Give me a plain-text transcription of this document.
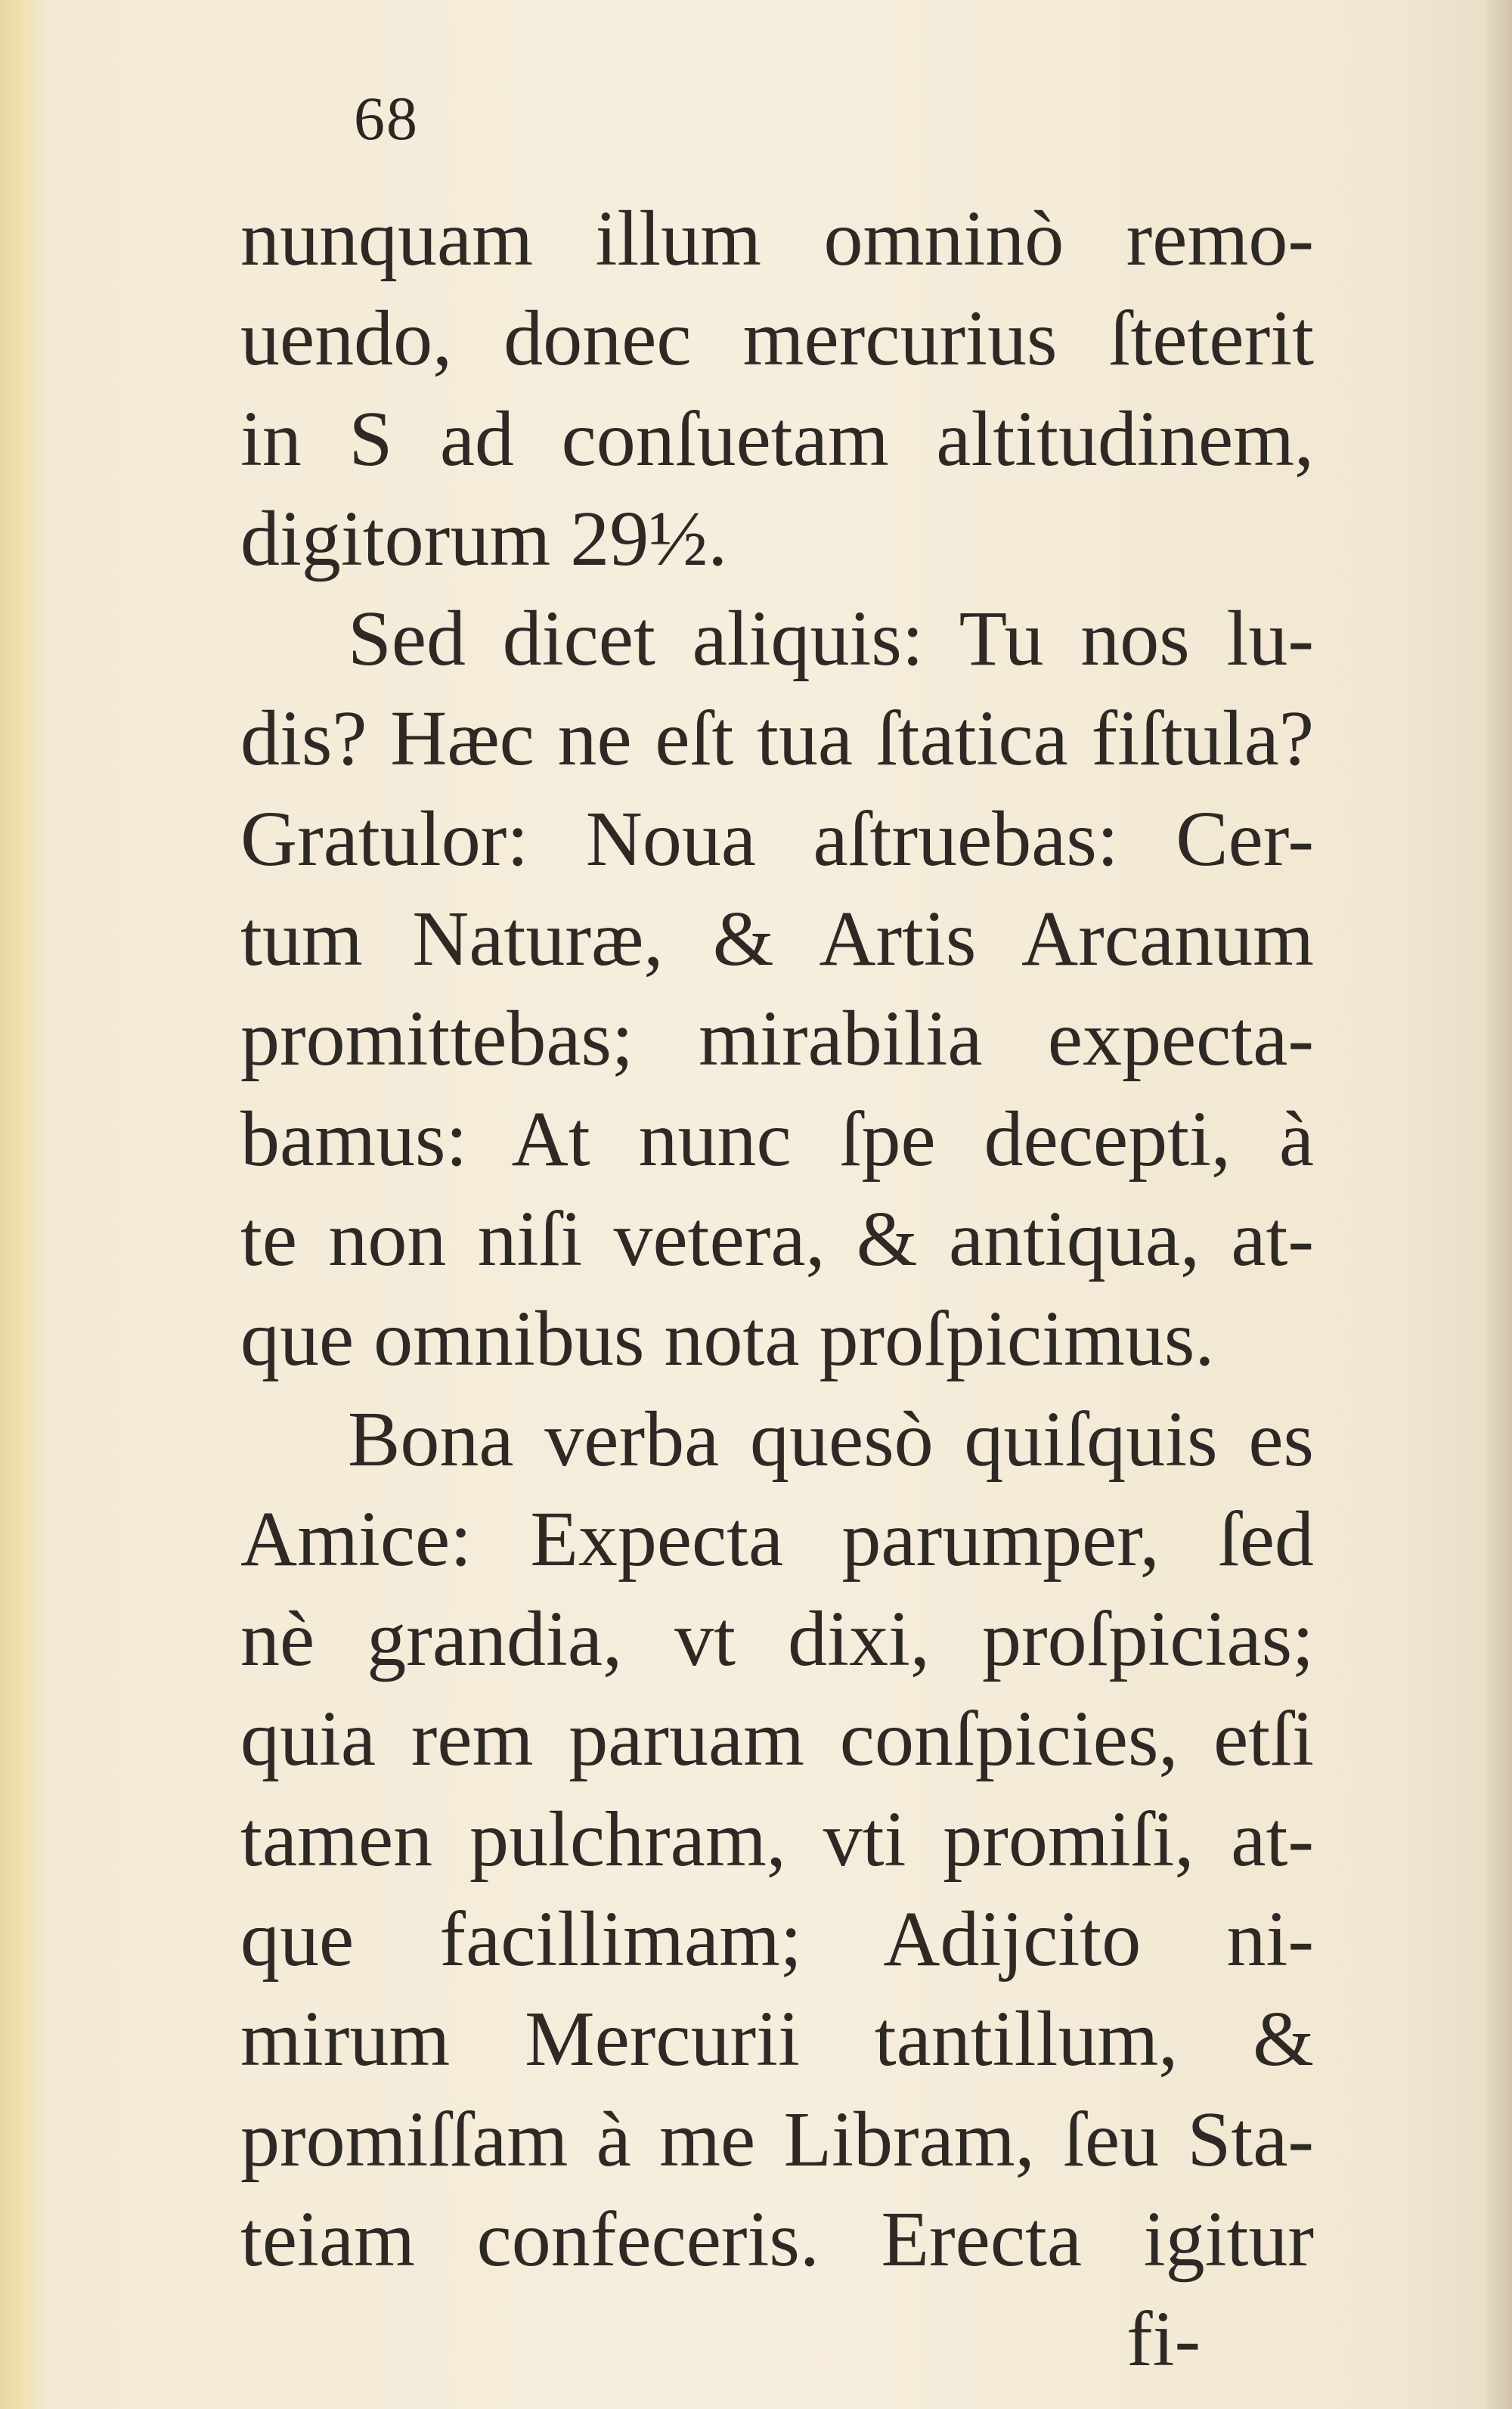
68
nunquam illum omninò remo-
uendo, donec mercurius ſteterit
in S ad conſuetam altitudinem,
digitorum 29½.
Sed dicet aliquis: Tu nos lu-
dis? Hæc ne eſt tua ſtatica fiſtula?
Gratulor: Noua aſtruebas: Cer-
tum Naturæ, & Artis Arcanum
promittebas; mirabilia expecta-
bamus: At nunc ſpe decepti, à
te non niſi vetera, & antiqua, at-
que omnibus nota proſpicimus.
Bona verba quesò quiſquis es
Amice: Expecta parumper, ſed
nè grandia, vt dixi, proſpicias;
quia rem paruam conſpicies, etſi
tamen pulchram, vti promiſi, at-
que facillimam; Adijcito ni-
mirum Mercurii tantillum, &
promiſſam à me Libram, ſeu Sta-
teiam confeceris. Erecta igitur
fi-
